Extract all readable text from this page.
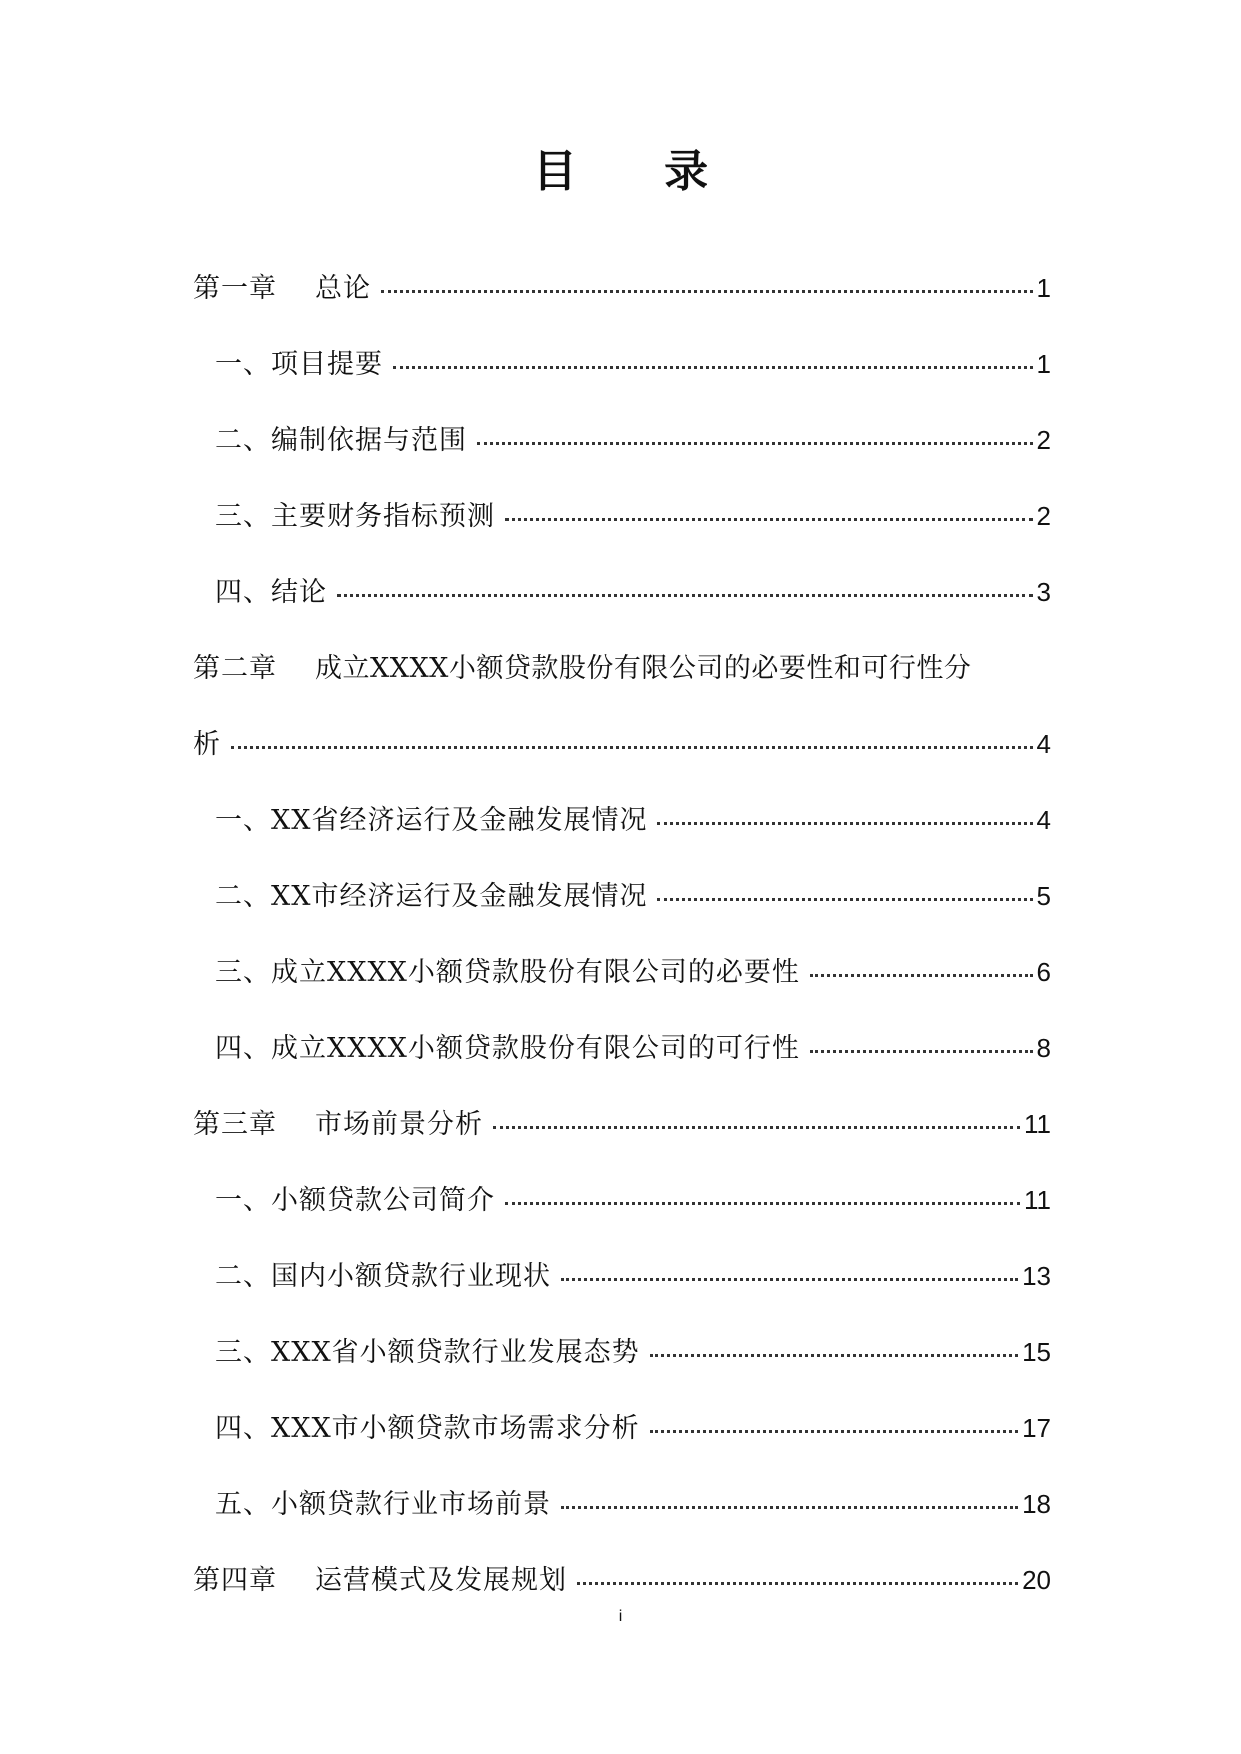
目 录
第一章 总论	1
一、项目提要	1
二、编制依据与范围	2
三、主要财务指标预测	2
四、结论	3
第二章 成立XXXX小额贷款股份有限公司的必要性和可行性分
析	4
一、XX省经济运行及金融发展情况	4
二、XX市经济运行及金融发展情况	5
三、成立XXXX小额贷款股份有限公司的必要性	6
四、成立XXXX小额贷款股份有限公司的可行性	8
第三章 市场前景分析	11
一、小额贷款公司简介	11
二、国内小额贷款行业现状	13
三、XXX省小额贷款行业发展态势	15
四、XXX市小额贷款市场需求分析	17
五、小额贷款行业市场前景	18
第四章 运营模式及发展规划	20
i
